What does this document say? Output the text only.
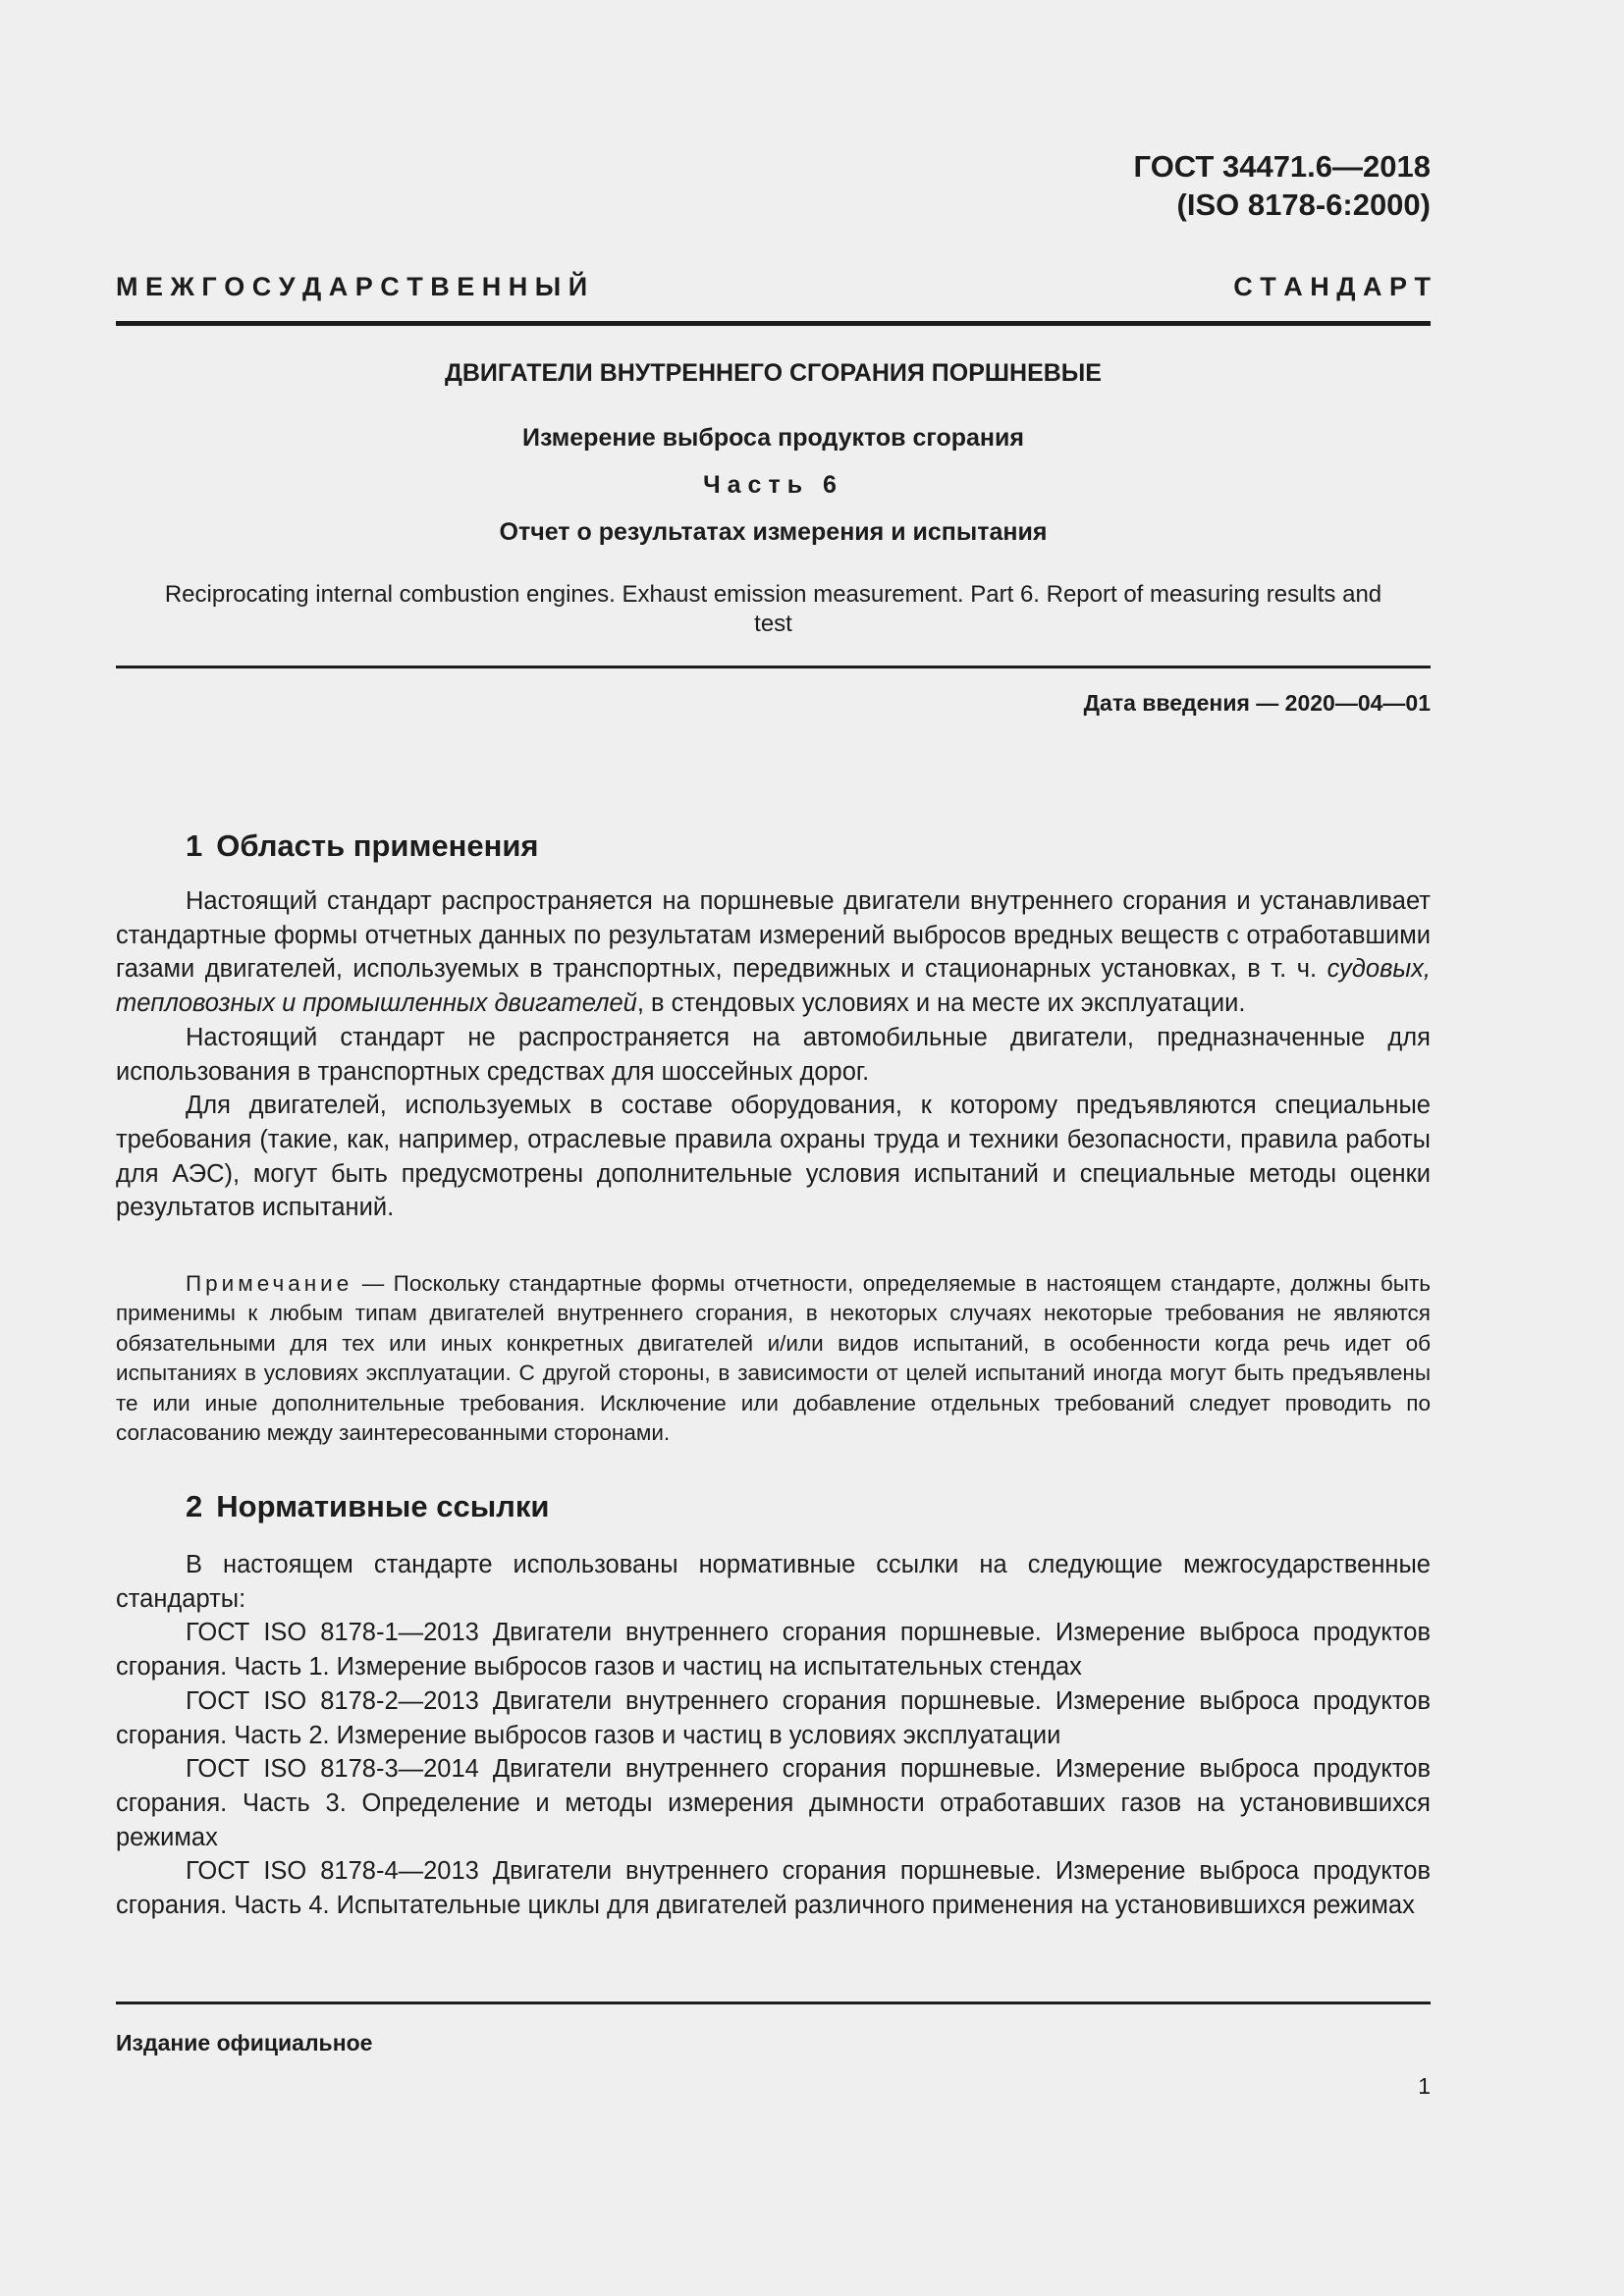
ГОСТ 34471.6—2018
(ISO 8178-6:2000)
М Е Ж Г О С У Д А Р С Т В Е Н Н Ы Й	С Т А Н Д А Р Т
ДВИГАТЕЛИ ВНУТРЕННЕГО СГОРАНИЯ ПОРШНЕВЫЕ
Измерение выброса продуктов сгорания
Часть 6
Отчет о результатах измерения и испытания
Reciprocating internal combustion engines. Exhaust emission measurement. Part 6. Report of measuring results and test
Дата введения — 2020—04—01
1 Область применения

Настоящий стандарт распространяется на поршневые двигатели внутреннего сгорания и устанавливает стандартные формы отчетных данных по результатам измерений выбросов вредных веществ с отработавшими газами двигателей, используемых в транспортных, передвижных и стационарных установках, в т. ч. судовых, тепловозных и промышленных двигателей, в стендовых условиях и на месте их эксплуатации.

Настоящий стандарт не распространяется на автомобильные двигатели, предназначенные для использования в транспортных средствах для шоссейных дорог.

Для двигателей, используемых в составе оборудования, к которому предъявляются специальные требования (такие, как, например, отраслевые правила охраны труда и техники безопасности, правила работы для АЭС), могут быть предусмотрены дополнительные условия испытаний и специальные методы оценки результатов испытаний.

Примечание — Поскольку стандартные формы отчетности, определяемые в настоящем стандарте, должны быть применимы к любым типам двигателей внутреннего сгорания, в некоторых случаях некоторые требования не являются обязательными для тех или иных конкретных двигателей и/или видов испытаний, в особенности когда речь идет об испытаниях в условиях эксплуатации. С другой стороны, в зависимости от целей испытаний иногда могут быть предъявлены те или иные дополнительные требования. Исключение или добавление отдельных требований следует проводить по согласованию между заинтересованными сторонами.

2 Нормативные ссылки

В настоящем стандарте использованы нормативные ссылки на следующие межгосударственные стандарты:

ГОСТ ISO 8178-1—2013 Двигатели внутреннего сгорания поршневые. Измерение выброса продуктов сгорания. Часть 1. Измерение выбросов газов и частиц на испытательных стендах

ГОСТ ISO 8178-2—2013 Двигатели внутреннего сгорания поршневые. Измерение выброса продуктов сгорания. Часть 2. Измерение выбросов газов и частиц в условиях эксплуатации

ГОСТ ISO 8178-3—2014 Двигатели внутреннего сгорания поршневые. Измерение выброса продуктов сгорания. Часть 3. Определение и методы измерения дымности отработавших газов на установившихся режимах

ГОСТ ISO 8178-4—2013 Двигатели внутреннего сгорания поршневые. Измерение выброса продуктов сгорания. Часть 4. Испытательные циклы для двигателей различного применения на установившихся режимах

Издание официальное
1
